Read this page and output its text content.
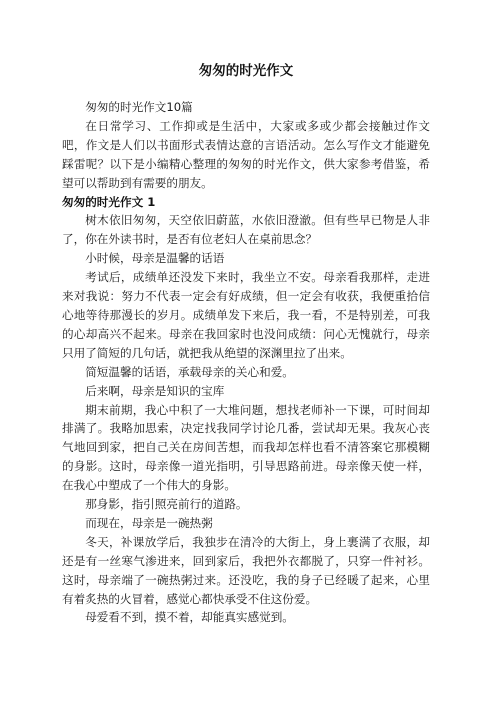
匆匆的时光作文

匆匆的时光作文10篇

在日常学习、工作抑或是生活中，大家或多或少都会接触过作文吧，作文是人们以书面形式表情达意的言语活动。怎么写作文才能避免踩雷呢？以下是小编精心整理的匆匆的时光作文，供大家参考借鉴，希望可以帮助到有需要的朋友。

匆匆的时光作文 1

树木依旧匆匆，天空依旧蔚蓝，水依旧澄澈。但有些早已物是人非了，你在外读书时，是否有位老妇人在桌前思念？

小时候，母亲是温馨的话语

考试后，成绩单还没发下来时，我坐立不安。母亲看我那样，走进来对我说：努力不代表一定会有好成绩，但一定会有收获，我便重拾信心地等待那漫长的岁月。成绩单发下来后，我一看，不是特别差，可我的心却高兴不起来。母亲在我回家时也没问成绩：问心无愧就行，母亲只用了简短的几句话，就把我从绝望的深渊里拉了出来。

简短温馨的话语，承载母亲的关心和爱。

后来啊，母亲是知识的宝库

期末前期，我心中积了一大堆问题，想找老师补一下课，可时间却排满了。我略加思索，决定找我同学讨论几番，尝试却无果。我灰心丧气地回到家，把自己关在房间苦想，而我却怎样也看不清答案它那模糊的身影。这时，母亲像一道光指明，引导思路前进。母亲像天使一样，在我心中塑成了一个伟大的身影。

那身影，指引照亮前行的道路。

而现在，母亲是一碗热粥

冬天，补课放学后，我独步在清冷的大街上，身上裹满了衣服，却还是有一丝寒气渗进来，回到家后，我把外衣都脱了，只穿一件衬衫。这时，母亲端了一碗热粥过来。还没吃，我的身子已经暖了起来，心里有着炙热的火冒着，感觉心都快承受不住这份爱。

母爱看不到，摸不着，却能真实感觉到。
